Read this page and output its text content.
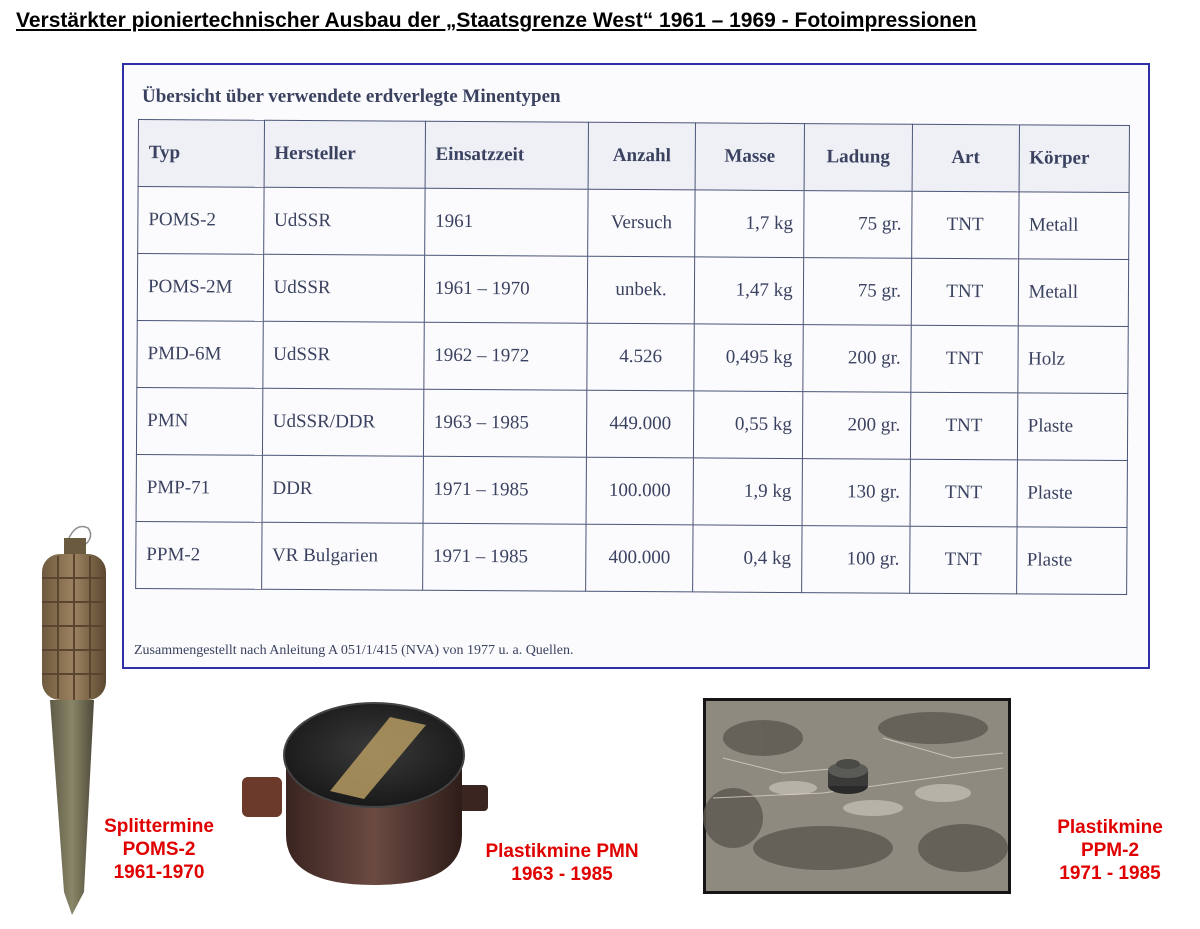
Verstärkter pioniertechnischer Ausbau der „Staatsgrenze West“ 1961 – 1969 - Fotoimpressionen
Übersicht über verwendete erdverlegte Minentypen
Typ	Hersteller	Einsatzzeit	Anzahl	Masse	Ladung	Art	Körper
POMS-2	UdSSR	1961	Versuch	1,7 kg	75 gr.	TNT	Metall
POMS-2M	UdSSR	1961 – 1970	unbek.	1,47 kg	75 gr.	TNT	Metall
PMD-6M	UdSSR	1962 – 1972	4.526	0,495 kg	200 gr.	TNT	Holz
PMN	UdSSR/DDR	1963 – 1985	449.000	0,55 kg	200 gr.	TNT	Plaste
PMP-71	DDR	1971 – 1985	100.000	1,9 kg	130 gr.	TNT	Plaste
PPM-2	VR Bulgarien	1971 – 1985	400.000	0,4 kg	100 gr.	TNT	Plaste
Zusammengestellt nach Anleitung A 051/1/415 (NVA) von 1977 u. a. Quellen.
Splittermine
POMS-2
1961-1970
Plastikmine PMN
1963 - 1985
Plastikmine
PPM-2
1971 - 1985
